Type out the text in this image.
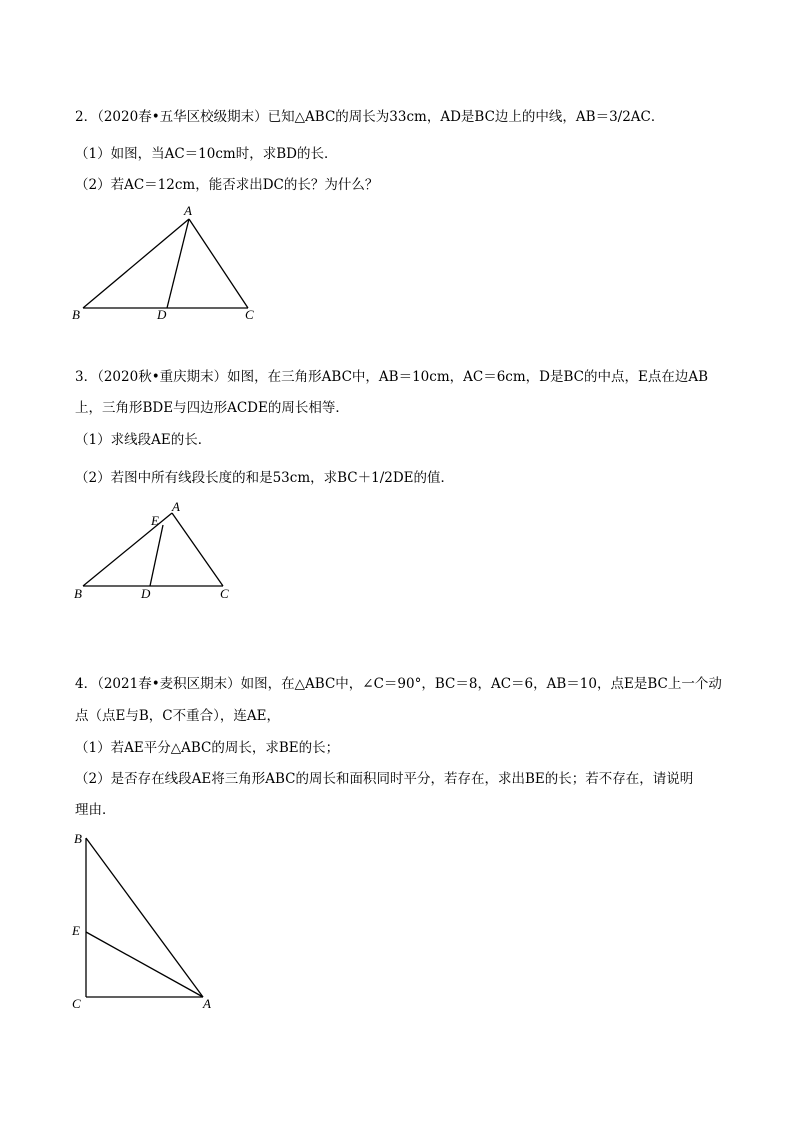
2．（2020春•五华区校级期末）已知△ABC的周长为33cm，AD是BC边上的中线，AB＝3/2AC．
（1）如图，当AC＝10cm时，求BD的长．
（2）若AC＝12cm，能否求出DC的长？为什么？
3．（2020秋•重庆期末）如图，在三角形ABC中，AB＝10cm，AC＝6cm，D是BC的中点，E点在边AB
上，三角形BDE与四边形ACDE的周长相等．
（1）求线段AE的长．
（2）若图中所有线段长度的和是53cm，求BC＋1/2DE的值．
4．（2021春•麦积区期末）如图，在△ABC中，∠C＝90°，BC＝8，AC＝6，AB＝10，点E是BC上一个动
点（点E与B，C不重合），连AE，
（1）若AE平分△ABC的周长，求BE的长；
（2）是否存在线段AE将三角形ABC的周长和面积同时平分，若存在，求出BE的长；若不存在，请说明
理由．
A
B	D	C
E
A
B	D	C
B
E
C	A
